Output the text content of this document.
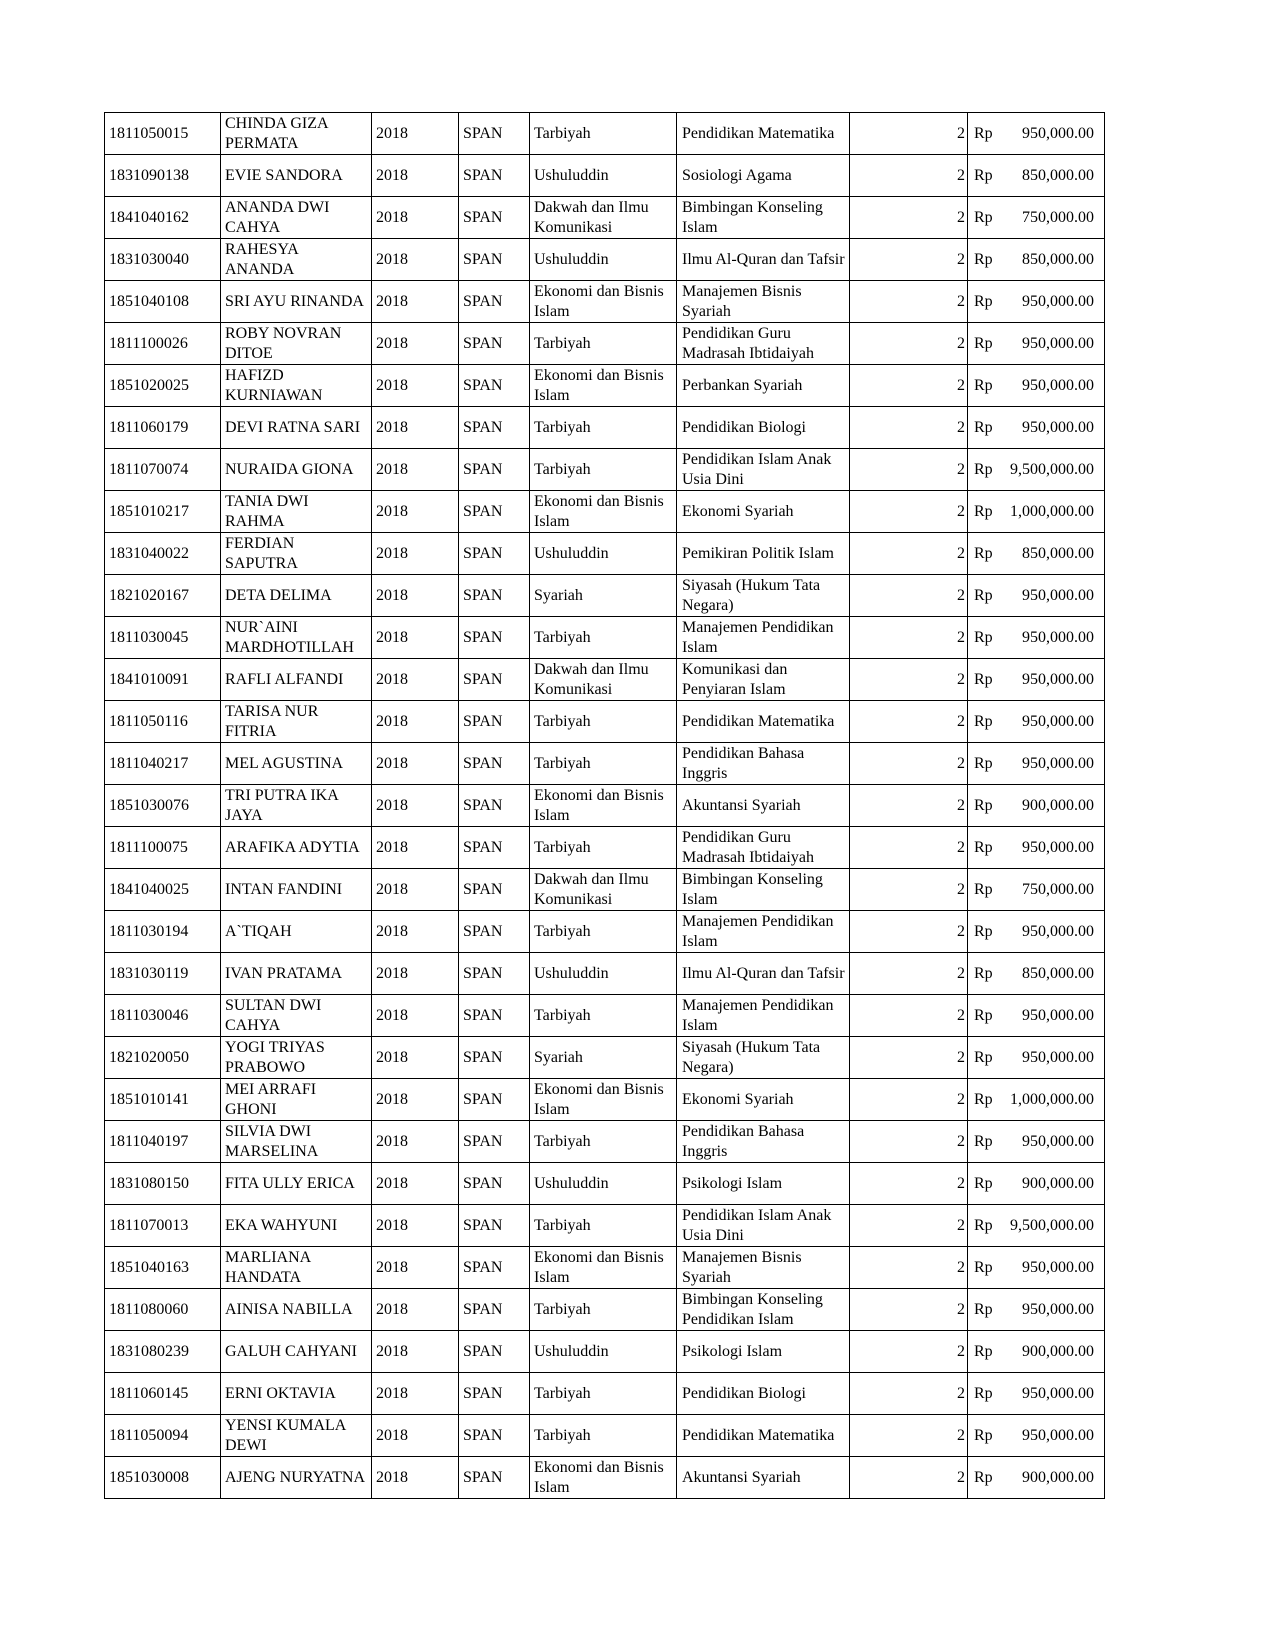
1811050015	CHINDA GIZA PERMATA	2018	SPAN	Tarbiyah	Pendidikan Matematika	2	Rp	950,000.00
1831090138	EVIE SANDORA	2018	SPAN	Ushuluddin	Sosiologi Agama	2	Rp	850,000.00
1841040162	ANANDA DWI CAHYA	2018	SPAN	Dakwah dan Ilmu Komunikasi	Bimbingan Konseling Islam	2	Rp	750,000.00
1831030040	RAHESYA ANANDA	2018	SPAN	Ushuluddin	Ilmu Al-Quran dan Tafsir	2	Rp	850,000.00
1851040108	SRI AYU RINANDA	2018	SPAN	Ekonomi dan Bisnis Islam	Manajemen Bisnis Syariah	2	Rp	950,000.00
1811100026	ROBY NOVRAN DITOE	2018	SPAN	Tarbiyah	Pendidikan Guru Madrasah Ibtidaiyah	2	Rp	950,000.00
1851020025	HAFIZD KURNIAWAN	2018	SPAN	Ekonomi dan Bisnis Islam	Perbankan Syariah	2	Rp	950,000.00
1811060179	DEVI RATNA SARI	2018	SPAN	Tarbiyah	Pendidikan Biologi	2	Rp	950,000.00
1811070074	NURAIDA GIONA	2018	SPAN	Tarbiyah	Pendidikan Islam Anak Usia Dini	2	Rp	9,500,000.00
1851010217	TANIA DWI RAHMA	2018	SPAN	Ekonomi dan Bisnis Islam	Ekonomi Syariah	2	Rp	1,000,000.00
1831040022	FERDIAN SAPUTRA	2018	SPAN	Ushuluddin	Pemikiran Politik Islam	2	Rp	850,000.00
1821020167	DETA DELIMA	2018	SPAN	Syariah	Siyasah (Hukum Tata Negara)	2	Rp	950,000.00
1811030045	NUR`AINI MARDHOTILLAH	2018	SPAN	Tarbiyah	Manajemen Pendidikan Islam	2	Rp	950,000.00
1841010091	RAFLI ALFANDI	2018	SPAN	Dakwah dan Ilmu Komunikasi	Komunikasi dan Penyiaran Islam	2	Rp	950,000.00
1811050116	TARISA NUR FITRIA	2018	SPAN	Tarbiyah	Pendidikan Matematika	2	Rp	950,000.00
1811040217	MEL AGUSTINA	2018	SPAN	Tarbiyah	Pendidikan Bahasa Inggris	2	Rp	950,000.00
1851030076	TRI PUTRA IKA JAYA	2018	SPAN	Ekonomi dan Bisnis Islam	Akuntansi Syariah	2	Rp	900,000.00
1811100075	ARAFIKA ADYTIA	2018	SPAN	Tarbiyah	Pendidikan Guru Madrasah Ibtidaiyah	2	Rp	950,000.00
1841040025	INTAN FANDINI	2018	SPAN	Dakwah dan Ilmu Komunikasi	Bimbingan Konseling Islam	2	Rp	750,000.00
1811030194	A`TIQAH	2018	SPAN	Tarbiyah	Manajemen Pendidikan Islam	2	Rp	950,000.00
1831030119	IVAN PRATAMA	2018	SPAN	Ushuluddin	Ilmu Al-Quran dan Tafsir	2	Rp	850,000.00
1811030046	SULTAN DWI CAHYA	2018	SPAN	Tarbiyah	Manajemen Pendidikan Islam	2	Rp	950,000.00
1821020050	YOGI TRIYAS PRABOWO	2018	SPAN	Syariah	Siyasah (Hukum Tata Negara)	2	Rp	950,000.00
1851010141	MEI ARRAFI GHONI	2018	SPAN	Ekonomi dan Bisnis Islam	Ekonomi Syariah	2	Rp	1,000,000.00
1811040197	SILVIA DWI MARSELINA	2018	SPAN	Tarbiyah	Pendidikan Bahasa Inggris	2	Rp	950,000.00
1831080150	FITA ULLY ERICA	2018	SPAN	Ushuluddin	Psikologi Islam	2	Rp	900,000.00
1811070013	EKA WAHYUNI	2018	SPAN	Tarbiyah	Pendidikan Islam Anak Usia Dini	2	Rp	9,500,000.00
1851040163	MARLIANA HANDATA	2018	SPAN	Ekonomi dan Bisnis Islam	Manajemen Bisnis Syariah	2	Rp	950,000.00
1811080060	AINISA NABILLA	2018	SPAN	Tarbiyah	Bimbingan Konseling Pendidikan Islam	2	Rp	950,000.00
1831080239	GALUH CAHYANI	2018	SPAN	Ushuluddin	Psikologi Islam	2	Rp	900,000.00
1811060145	ERNI OKTAVIA	2018	SPAN	Tarbiyah	Pendidikan Biologi	2	Rp	950,000.00
1811050094	YENSI KUMALA DEWI	2018	SPAN	Tarbiyah	Pendidikan Matematika	2	Rp	950,000.00
1851030008	AJENG NURYATNA	2018	SPAN	Ekonomi dan Bisnis Islam	Akuntansi Syariah	2	Rp	900,000.00
